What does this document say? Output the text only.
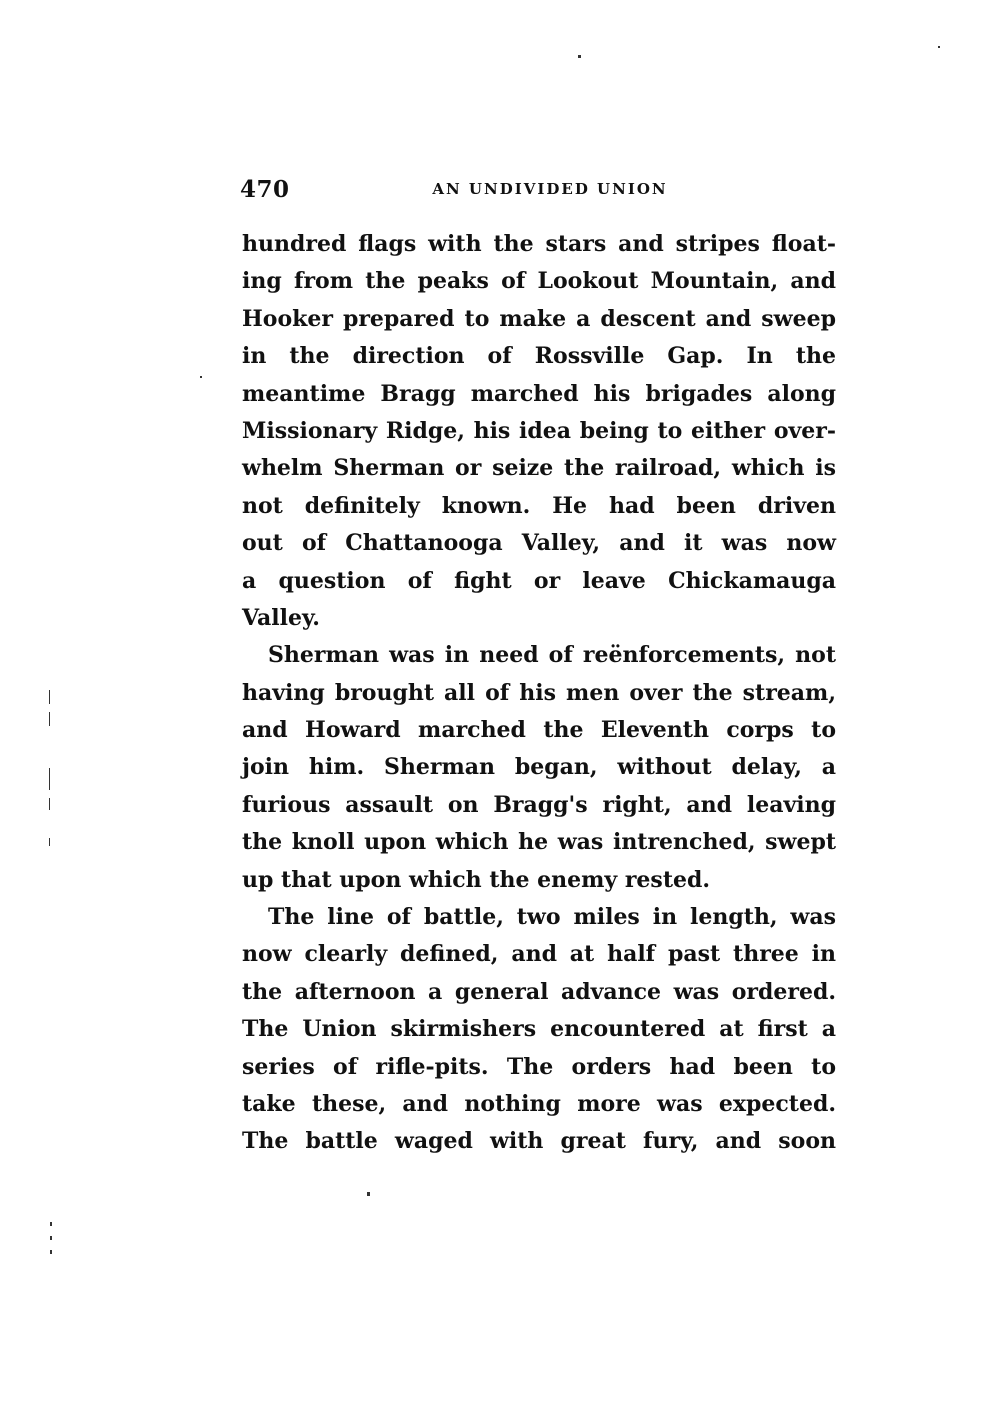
470	AN UNDIVIDED UNION
hundred flags with the stars and stripes float-
ing from the peaks of Lookout Mountain, and
Hooker prepared to make a descent and sweep
in the direction of Rossville Gap. In the
meantime Bragg marched his brigades along
Missionary Ridge, his idea being to either over-
whelm Sherman or seize the railroad, which is
not definitely known. He had been driven
out of Chattanooga Valley, and it was now
a question of fight or leave Chickamauga
Valley.
Sherman was in need of reënforcements, not
having brought all of his men over the stream,
and Howard marched the Eleventh corps to
join him. Sherman began, without delay, a
furious assault on Bragg's right, and leaving
the knoll upon which he was intrenched, swept
up that upon which the enemy rested.
The line of battle, two miles in length, was
now clearly defined, and at half past three in
the afternoon a general advance was ordered.
The Union skirmishers encountered at first a
series of rifle-pits. The orders had been to
take these, and nothing more was expected.
The battle waged with great fury, and soon
